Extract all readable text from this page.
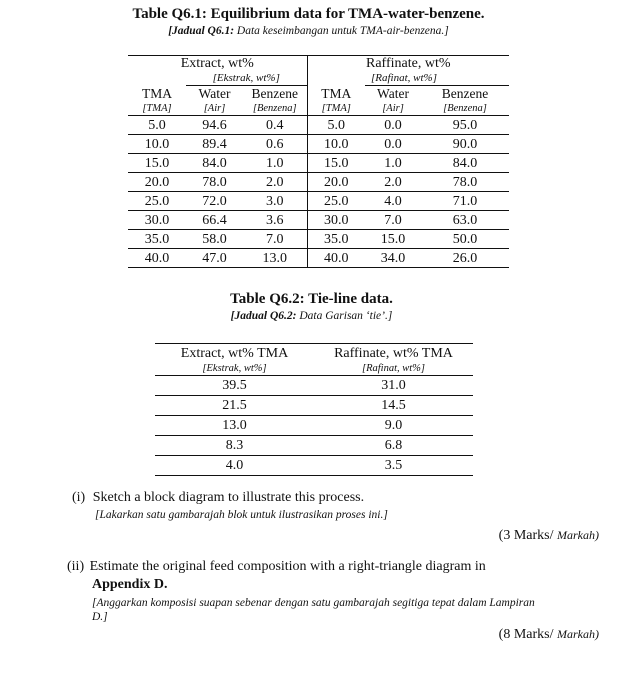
Table Q6.1: Equilibrium data for TMA-water-benzene.
[Jadual Q6.1: Data keseimbangan untuk TMA-air-benzena.]
Extract, wt%			Raffinate, wt%		
	[Ekstrak, wt%]			[Rafinat, wt%]	
TMA	Water	Benzene	TMA	Water	Benzene
[TMA]	[Air]	[Benzena]	[TMA]	[Air]	[Benzena]
5.0	94.6	0.4	5.0	0.0	95.0
10.0	89.4	0.6	10.0	0.0	90.0
15.0	84.0	1.0	15.0	1.0	84.0
20.0	78.0	2.0	20.0	2.0	78.0
25.0	72.0	3.0	25.0	4.0	71.0
30.0	66.4	3.6	30.0	7.0	63.0
35.0	58.0	7.0	35.0	15.0	50.0
40.0	47.0	13.0	40.0	34.0	26.0
Table Q6.2: Tie-line data.
[Jadual Q6.2: Data Garisan ‘tie’.]
Extract, wt% TMA	Raffinate, wt% TMA
[Ekstrak, wt%]	[Rafinat, wt%]
39.5	31.0
21.5	14.5
13.0	9.0
8.3	6.8
4.0	3.5
(i) Sketch a block diagram to illustrate this process.
[Lakarkan satu gambarajah blok untuk ilustrasikan proses ini.]
(3 Marks/ Markah)
(ii) Estimate the original feed composition with a right-triangle diagram in
Appendix D.
[Anggarkan komposisi suapan sebenar dengan satu gambarajah segitiga tepat dalam Lampiran
D.]
(8 Marks/ Markah)
